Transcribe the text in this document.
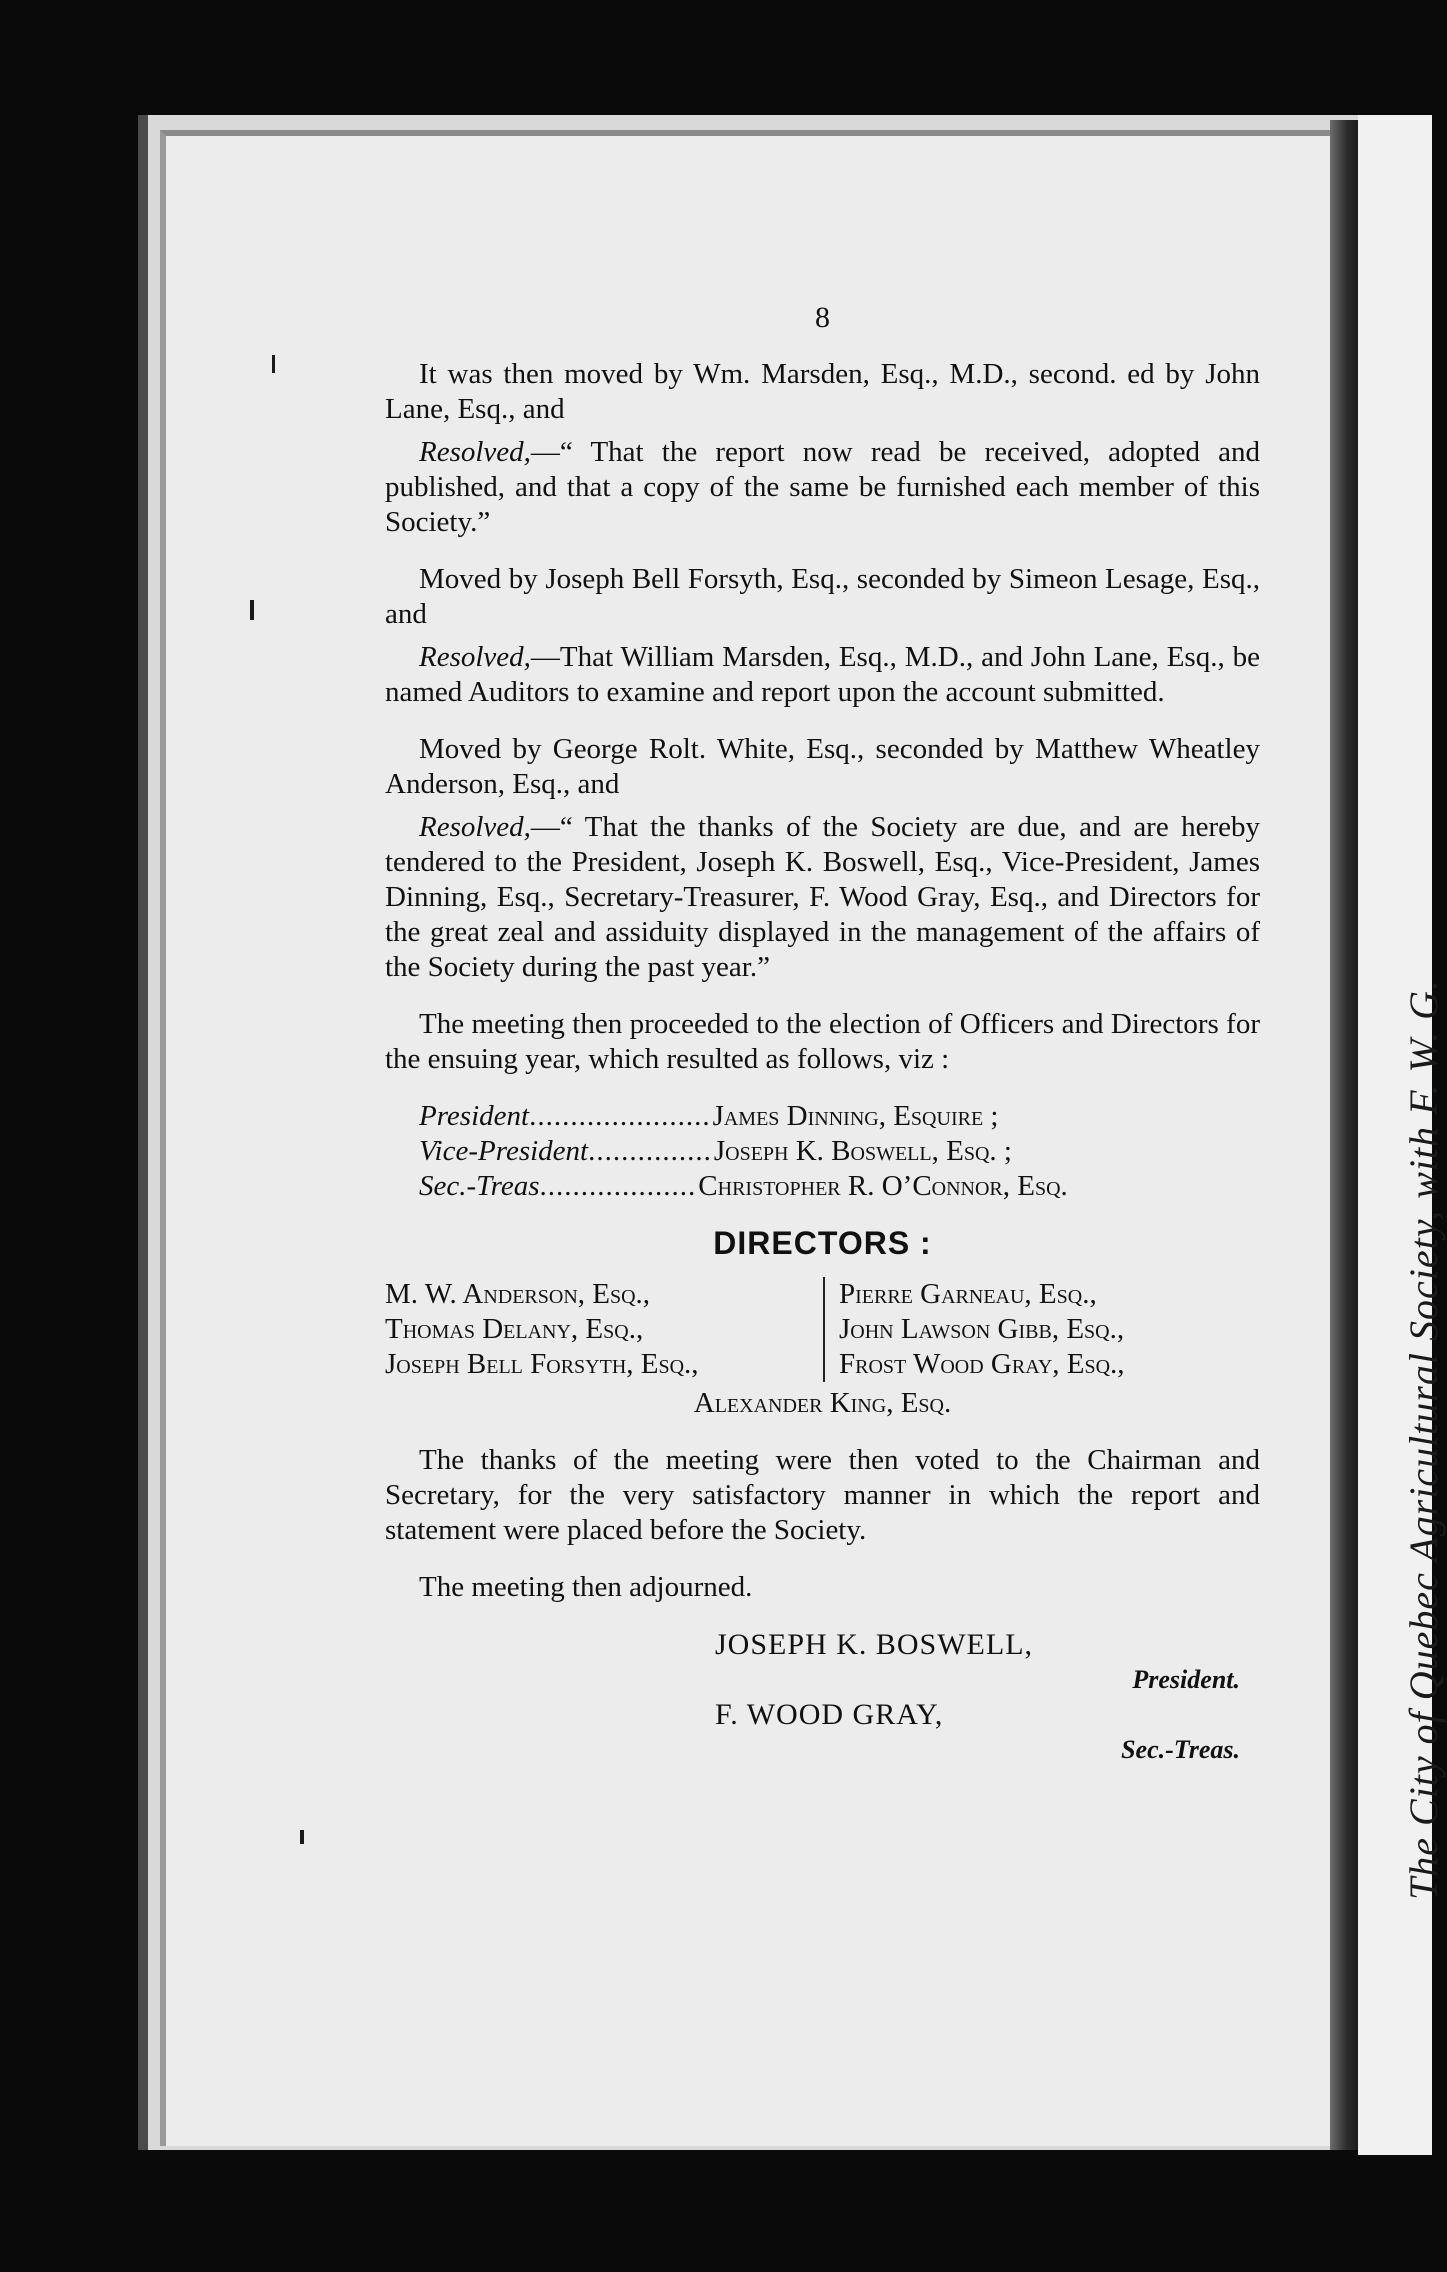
The City of Quebec Agricultural Society, with F. W. G.
8

It was then moved by Wm. Marsden, Esq., M.D., second. ed by John Lane, Esq., and

Resolved,—“ That the report now read be received, adopted and published, and that a copy of the same be furnished each member of this Society.”

Moved by Joseph Bell Forsyth, Esq., seconded by Simeon Lesage, Esq., and

Resolved,—That William Marsden, Esq., M.D., and John Lane, Esq., be named Auditors to examine and report upon the account submitted.

Moved by George Rolt. White, Esq., seconded by Matthew Wheatley Anderson, Esq., and

Resolved,—“ That the thanks of the Society are due, and are hereby tendered to the President, Joseph K. Boswell, Esq., Vice-President, James Dinning, Esq., Secretary-Treasurer, F. Wood Gray, Esq., and Directors for the great zeal and assiduity displayed in the management of the affairs of the Society during the past year.”

The meeting then proceeded to the election of Officers and Directors for the ensuing year, which resulted as follows, viz :

President ...................... James Dinning, Esquire ;
Vice-President ............... Joseph K. Boswell, Esq. ;
Sec.-Treas ................... Christopher R. O’Connor, Esq.
DIRECTORS :
M. W. Anderson, Esq.,
Thomas Delany, Esq.,
Joseph Bell Forsyth, Esq.,
Pierre Garneau, Esq.,
John Lawson Gibb, Esq.,
Frost Wood Gray, Esq.,
Alexander King, Esq.

The thanks of the meeting were then voted to the Chairman and Secretary, for the very satisfactory manner in which the report and statement were placed before the Society.

The meeting then adjourned.

JOSEPH K. BOSWELL,
President.
F. WOOD GRAY,
Sec.-Treas.
